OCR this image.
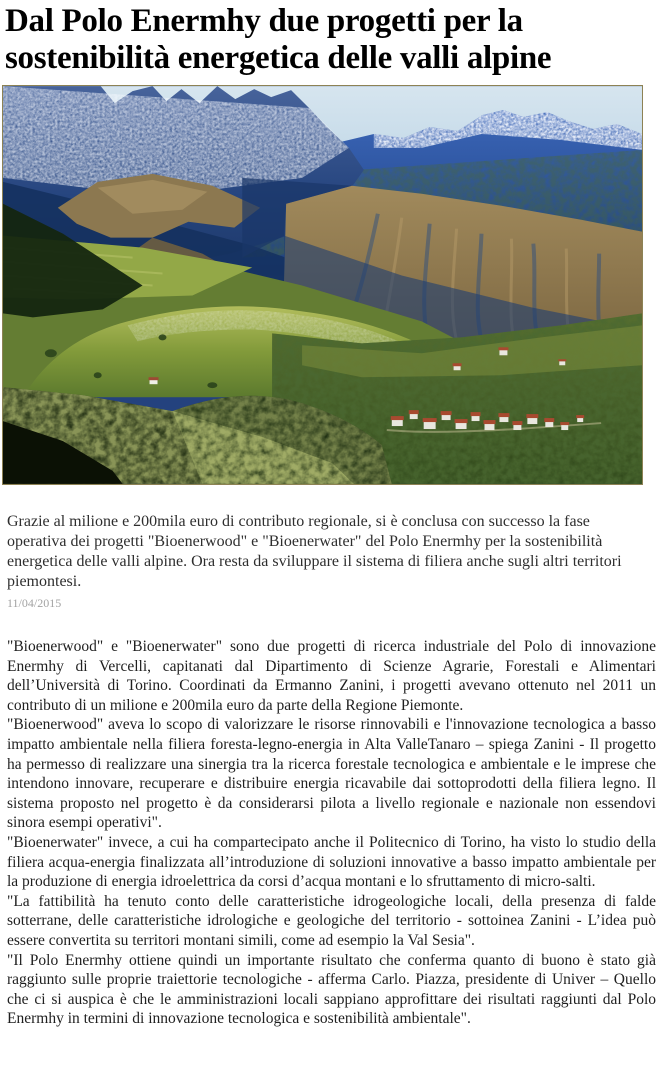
Dal Polo Enermhy due progetti per la sostenibilità energetica delle valli alpine

Grazie al milione e 200mila euro di contributo regionale, si è conclusa con successo la fase operativa dei progetti "Bioenerwood" e "Bioenerwater" del Polo Enermhy per la sostenibilità energetica delle valli alpine. Ora resta da sviluppare il sistema di filiera anche sugli altri territori piemontesi.

11/04/2015

"Bioenerwood" e "Bioenerwater" sono due progetti di ricerca industriale del Polo di innovazione Enermhy di Vercelli, capitanati dal Dipartimento di Scienze Agrarie, Forestali e Alimentari dell’Università di Torino. Coordinati da Ermanno Zanini, i progetti avevano ottenuto nel 2011 un contributo di un milione e 200mila euro da parte della Regione Piemonte.

"Bioenerwood" aveva lo scopo di valorizzare le risorse rinnovabili e l'innovazione tecnologica a basso impatto ambientale nella filiera foresta-legno-energia in Alta ValleTanaro – spiega Zanini - Il progetto ha permesso di realizzare una sinergia tra la ricerca forestale tecnologica e ambientale e le imprese che intendono innovare, recuperare e distribuire energia ricavabile dai sottoprodotti della filiera legno. Il sistema proposto nel progetto è da considerarsi pilota a livello regionale e nazionale non essendovi sinora esempi operativi".

"Bioenerwater" invece, a cui ha compartecipato anche il Politecnico di Torino, ha visto lo studio della filiera acqua-energia finalizzata all’introduzione di soluzioni innovative a basso impatto ambientale per la produzione di energia idroelettrica da corsi d’acqua montani e lo sfruttamento di micro-salti.

"La fattibilità ha tenuto conto delle caratteristiche idrogeologiche locali, della presenza di falde sotterrane, delle caratteristiche idrologiche e geologiche del territorio - sottoinea Zanini - L’idea può essere convertita su territori montani simili, come ad esempio la Val Sesia".

"Il Polo Enermhy ottiene quindi un importante risultato che conferma quanto di buono è stato già raggiunto sulle proprie traiettorie tecnologiche - afferma Carlo. Piazza, presidente di Univer – Quello che ci si auspica è che le amministrazioni locali sappiano approfittare dei risultati raggiunti dal Polo Enermhy in termini di innovazione tecnologica e sostenibilità ambientale".
